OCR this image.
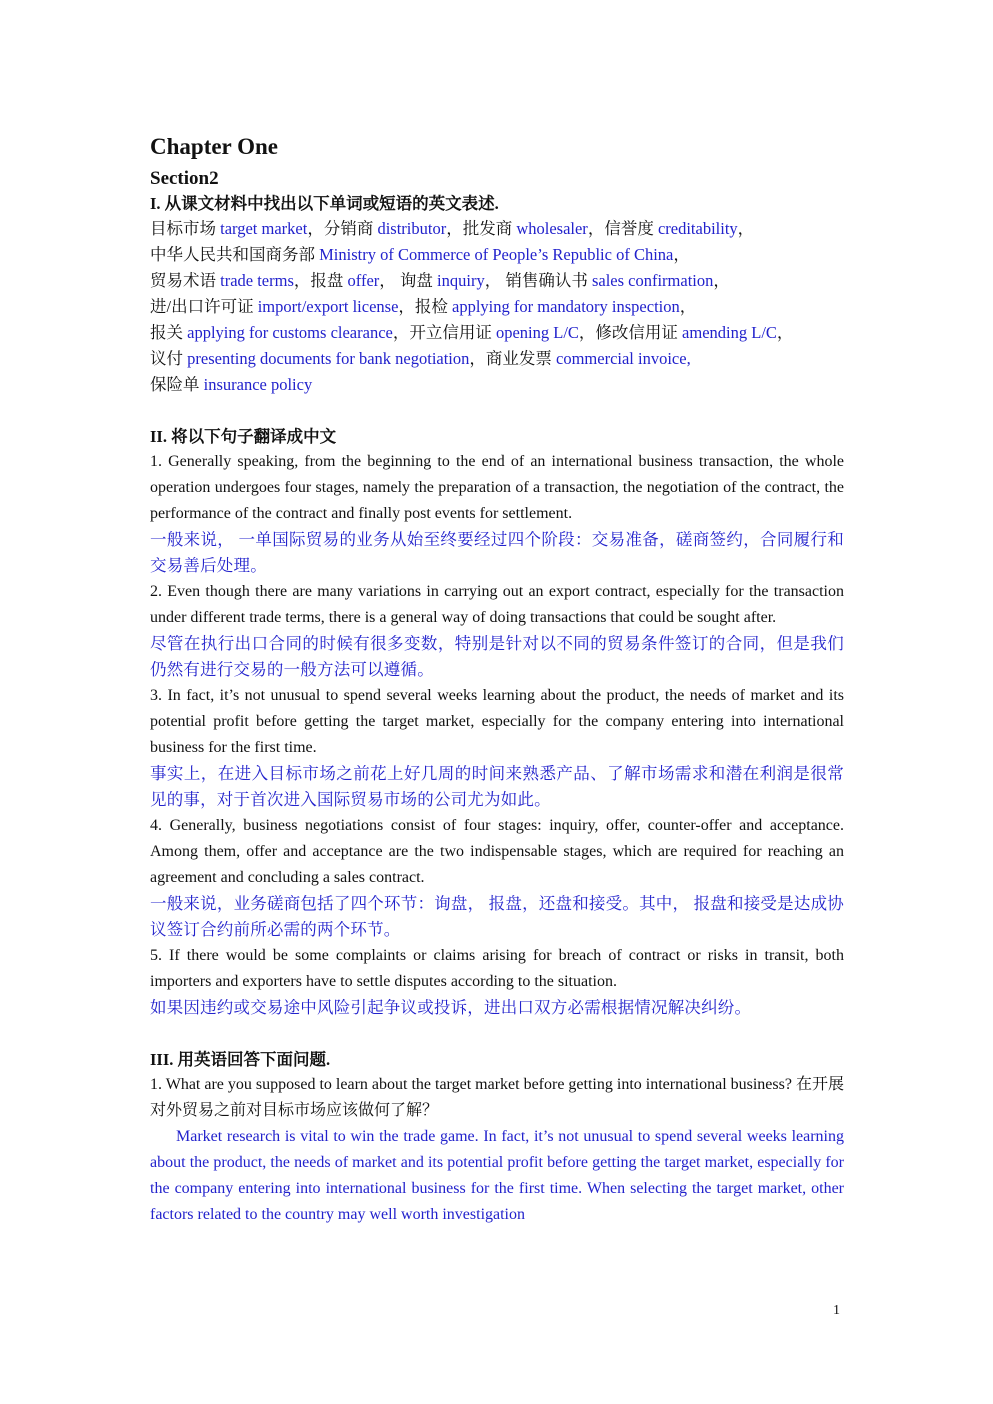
Chapter One
Section2
I. 从课文材料中找出以下单词或短语的英文表述.
目标市场 target market，分销商 distributor，批发商 wholesaler，信誉度 creditability，
中华人民共和国商务部 Ministry of Commerce of People’s Republic of China，
贸易术语 trade terms，报盘 offer， 询盘 inquiry， 销售确认书 sales confirmation，
进/出口许可证 import/export license，报检 applying for mandatory inspection，
报关 applying for customs clearance，开立信用证 opening L/C，修改信用证 amending L/C，
议付 presenting documents for bank negotiation，商业发票 commercial invoice,
保险单 insurance policy
II. 将以下句子翻译成中文

1. Generally speaking, from the beginning to the end of an international business transaction, the whole operation undergoes four stages, namely the preparation of a transaction, the negotiation of the contract, the performance of the contract and finally post events for settlement.

一般来说， 一单国际贸易的业务从始至终要经过四个阶段：交易准备，磋商签约，合同履行和交易善后处理。

2. Even though there are many variations in carrying out an export contract, especially for the transaction under different trade terms, there is a general way of doing transactions that could be sought after.

尽管在执行出口合同的时候有很多变数，特别是针对以不同的贸易条件签订的合同，但是我们仍然有进行交易的一般方法可以遵循。

3. In fact, it’s not unusual to spend several weeks learning about the product, the needs of market and its potential profit before getting the target market, especially for the company entering into international business for the first time.

事实上，在进入目标市场之前花上好几周的时间来熟悉产品、了解市场需求和潜在利润是很常见的事，对于首次进入国际贸易市场的公司尤为如此。

4. Generally, business negotiations consist of four stages: inquiry, offer, counter-offer and acceptance. Among them, offer and acceptance are the two indispensable stages, which are required for reaching an agreement and concluding a sales contract.

一般来说，业务磋商包括了四个环节：询盘， 报盘，还盘和接受。其中， 报盘和接受是达成协议签订合约前所必需的两个环节。

5. If there would be some complaints or claims arising for breach of contract or risks in transit, both importers and exporters have to settle disputes according to the situation.

如果因违约或交易途中风险引起争议或投诉，进出口双方必需根据情况解决纠纷。

III. 用英语回答下面问题.

1. What are you supposed to learn about the target market before getting into international business? 在开展对外贸易之前对目标市场应该做何了解？

Market research is vital to win the trade game. In fact, it’s not unusual to spend several weeks learning about the product, the needs of market and its potential profit before getting the target market, especially for the company entering into international business for the first time. When selecting the target market, other factors related to the country may well worth investigation

1
